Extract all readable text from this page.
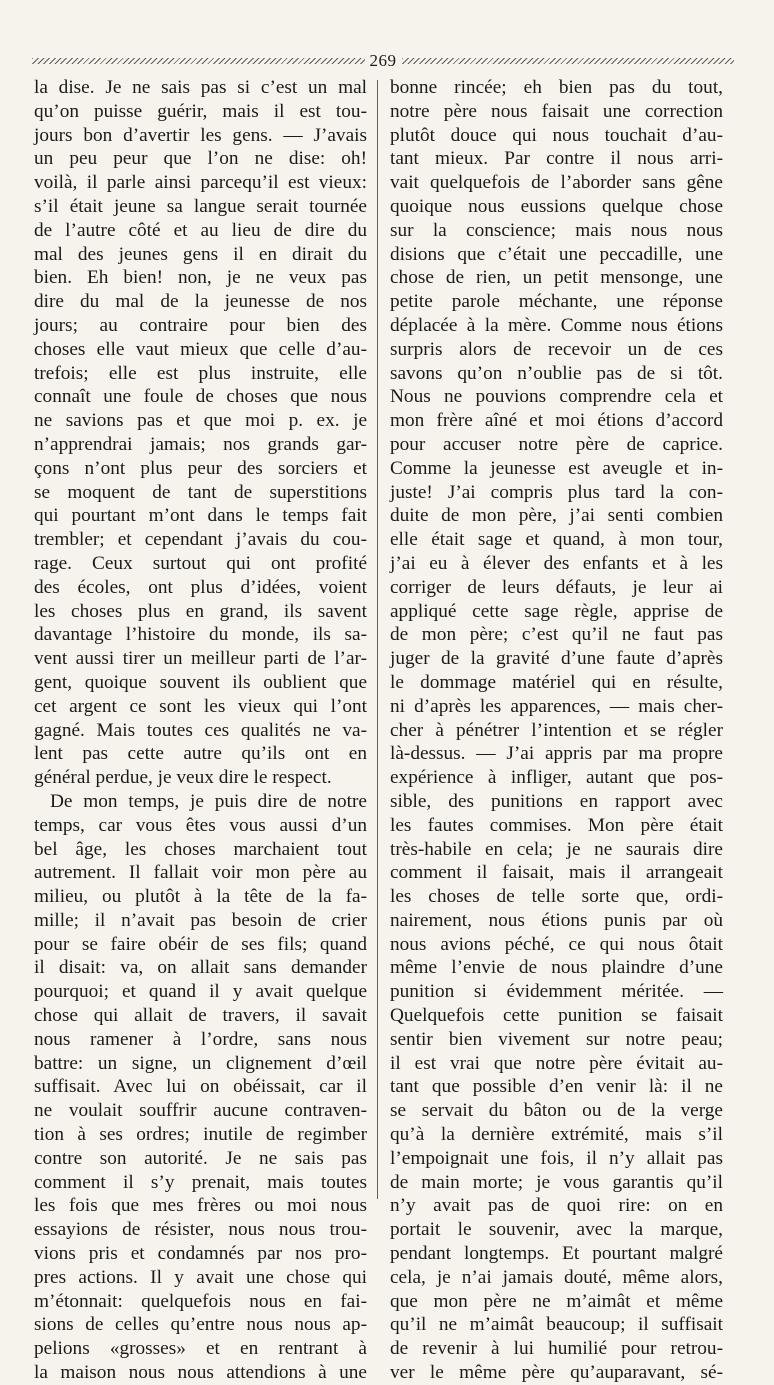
269
la dise. Je ne sais pas si c’est un mal
qu’on puisse guérir, mais il est tou-
jours bon d’avertir les gens. — J’avais
un peu peur que l’on ne dise: oh!
voilà, il parle ainsi parcequ’il est vieux:
s’il était jeune sa langue serait tournée
de l’autre côté et au lieu de dire du
mal des jeunes gens il en dirait du
bien. Eh bien! non, je ne veux pas
dire du mal de la jeunesse de nos
jours; au contraire pour bien des
choses elle vaut mieux que celle d’au-
trefois; elle est plus instruite, elle
connaît une foule de choses que nous
ne savions pas et que moi p. ex. je
n’apprendrai jamais; nos grands gar-
çons n’ont plus peur des sorciers et
se moquent de tant de superstitions
qui pourtant m’ont dans le temps fait
trembler; et cependant j’avais du cou-
rage. Ceux surtout qui ont profité
des écoles, ont plus d’idées, voient
les choses plus en grand, ils savent
davantage l’histoire du monde, ils sa-
vent aussi tirer un meilleur parti de l’ar-
gent, quoique souvent ils oublient que
cet argent ce sont les vieux qui l’ont
gagné. Mais toutes ces qualités ne va-
lent pas cette autre qu’ils ont en
général perdue, je veux dire le respect.
De mon temps, je puis dire de notre
temps, car vous êtes vous aussi d’un
bel âge, les choses marchaient tout
autrement. Il fallait voir mon père au
milieu, ou plutôt à la tête de la fa-
mille; il n’avait pas besoin de crier
pour se faire obéir de ses fils; quand
il disait: va, on allait sans demander
pourquoi; et quand il y avait quelque
chose qui allait de travers, il savait
nous ramener à l’ordre, sans nous
battre: un signe, un clignement d’œil
suffisait. Avec lui on obéissait, car il
ne voulait souffrir aucune contraven-
tion à ses ordres; inutile de regimber
contre son autorité. Je ne sais pas
comment il s’y prenait, mais toutes
les fois que mes frères ou moi nous
essayions de résister, nous nous trou-
vions pris et condamnés par nos pro-
pres actions. Il y avait une chose qui
m’étonnait: quelquefois nous en fai-
sions de celles qu’entre nous nous ap-
pelions «grosses» et en rentrant à
la maison nous nous attendions à une
bonne rincée; eh bien pas du tout,
notre père nous faisait une correction
plutôt douce qui nous touchait d’au-
tant mieux. Par contre il nous arri-
vait quelquefois de l’aborder sans gêne
quoique nous eussions quelque chose
sur la conscience; mais nous nous
disions que c’était une peccadille, une
chose de rien, un petit mensonge, une
petite parole méchante, une réponse
déplacée à la mère. Comme nous étions
surpris alors de recevoir un de ces
savons qu’on n’oublie pas de si tôt.
Nous ne pouvions comprendre cela et
mon frère aîné et moi étions d’accord
pour accuser notre père de caprice.
Comme la jeunesse est aveugle et in-
juste! J’ai compris plus tard la con-
duite de mon père, j’ai senti combien
elle était sage et quand, à mon tour,
j’ai eu à élever des enfants et à les
corriger de leurs défauts, je leur ai
appliqué cette sage règle, apprise de
de mon père; c’est qu’il ne faut pas
juger de la gravité d’une faute d’après
le dommage matériel qui en résulte,
ni d’après les apparences, — mais cher-
cher à pénétrer l’intention et se régler
là-dessus. — J’ai appris par ma propre
expérience à infliger, autant que pos-
sible, des punitions en rapport avec
les fautes commises. Mon père était
très-habile en cela; je ne saurais dire
comment il faisait, mais il arrangeait
les choses de telle sorte que, ordi-
nairement, nous étions punis par où
nous avions péché, ce qui nous ôtait
même l’envie de nous plaindre d’une
punition si évidemment méritée. —
Quelquefois cette punition se faisait
sentir bien vivement sur notre peau;
il est vrai que notre père évitait au-
tant que possible d’en venir là: il ne
se servait du bâton ou de la verge
qu’à la dernière extrémité, mais s’il
l’empoignait une fois, il n’y allait pas
de main morte; je vous garantis qu’il
n’y avait pas de quoi rire: on en
portait le souvenir, avec la marque,
pendant longtemps. Et pourtant malgré
cela, je n’ai jamais douté, même alors,
que mon père ne m’aimât et même
qu’il ne m’aimât beaucoup; il suffisait
de revenir à lui humilié pour retrou-
ver le même père qu’auparavant, sé-
